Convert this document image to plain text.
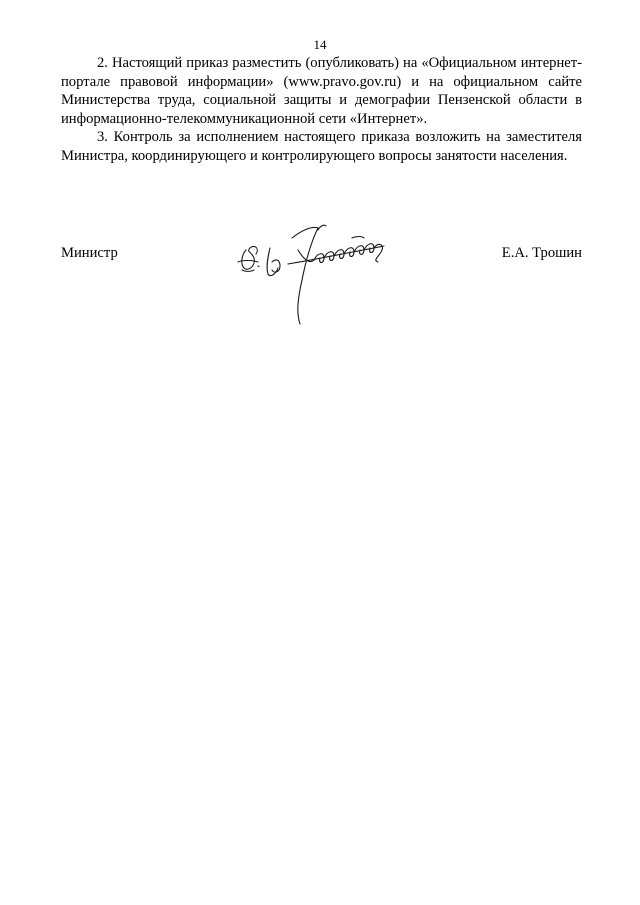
14

2. Настоящий приказ разместить (опубликовать) на «Официальном интернет-портале правовой информации» (www.pravo.gov.ru) и на официальном сайте Министерства труда, социальной защиты и демографии Пензенской области в информационно-телекоммуникационной сети «Интернет».

3. Контроль за исполнением настоящего приказа возложить на заместителя Министра, координирующего и контролирующего вопросы занятости населения.

Министр	Е.А. Трошин
